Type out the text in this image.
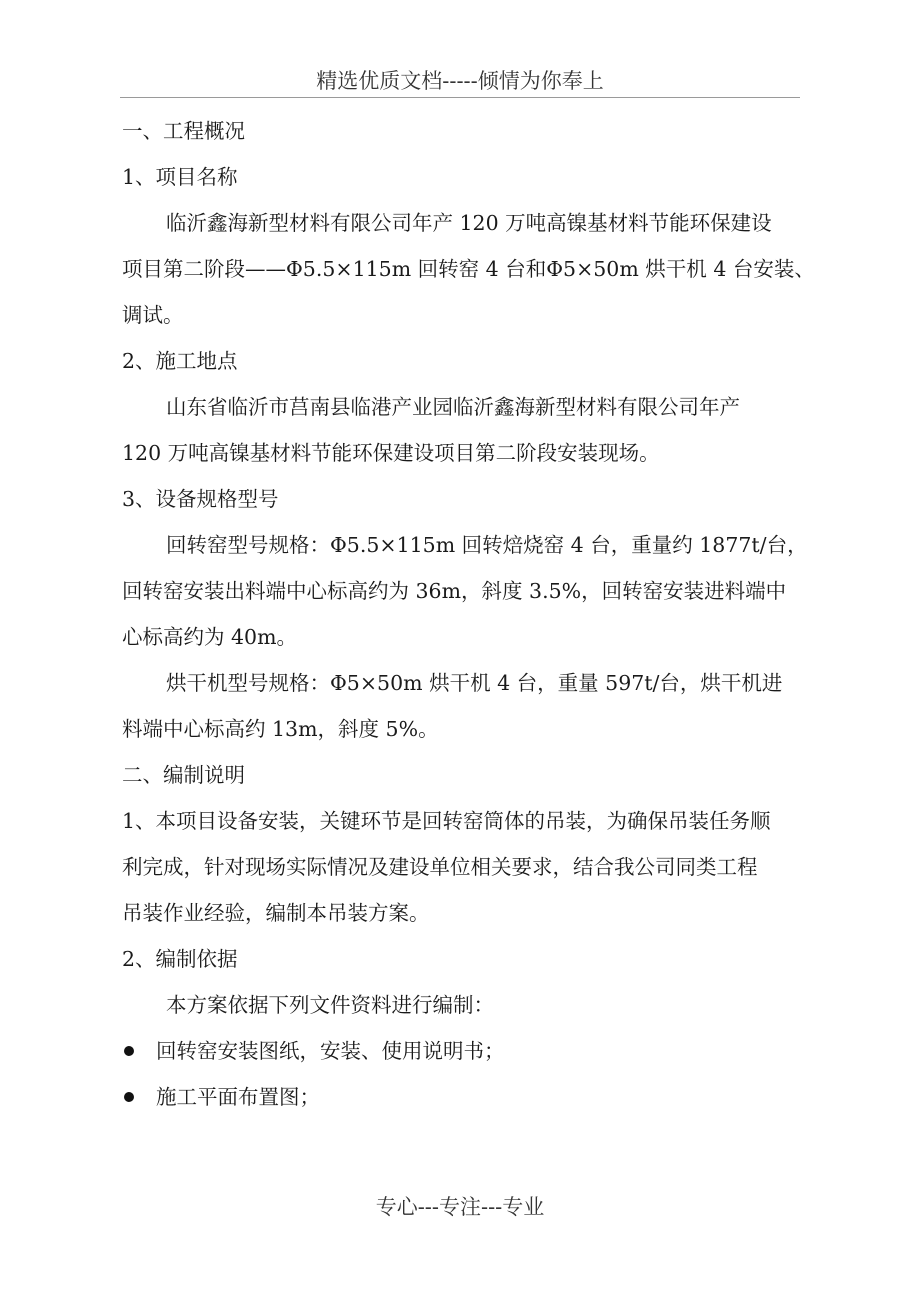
精选优质文档-----倾情为你奉上
一、工程概况
1、项目名称
临沂鑫海新型材料有限公司年产 120 万吨高镍基材料节能环保建设
项目第二阶段——Φ5.5×115m 回转窑 4 台和Φ5×50m 烘干机 4 台安装、
调试。
2、施工地点
山东省临沂市莒南县临港产业园临沂鑫海新型材料有限公司年产
120 万吨高镍基材料节能环保建设项目第二阶段安装现场。
3、设备规格型号
回转窑型号规格：Φ5.5×115m 回转焙烧窑 4 台，重量约 1877t/台，
回转窑安装出料端中心标高约为 36m，斜度 3.5%，回转窑安装进料端中
心标高约为 40m。
烘干机型号规格：Φ5×50m 烘干机 4 台，重量 597t/台，烘干机进
料端中心标高约 13m，斜度 5%。
二、编制说明
1、本项目设备安装，关键环节是回转窑筒体的吊装，为确保吊装任务顺
利完成，针对现场实际情况及建设单位相关要求，结合我公司同类工程
吊装作业经验，编制本吊装方案。
2、编制依据
本方案依据下列文件资料进行编制：
回转窑安装图纸，安装、使用说明书；
施工平面布置图；
专心---专注---专业
